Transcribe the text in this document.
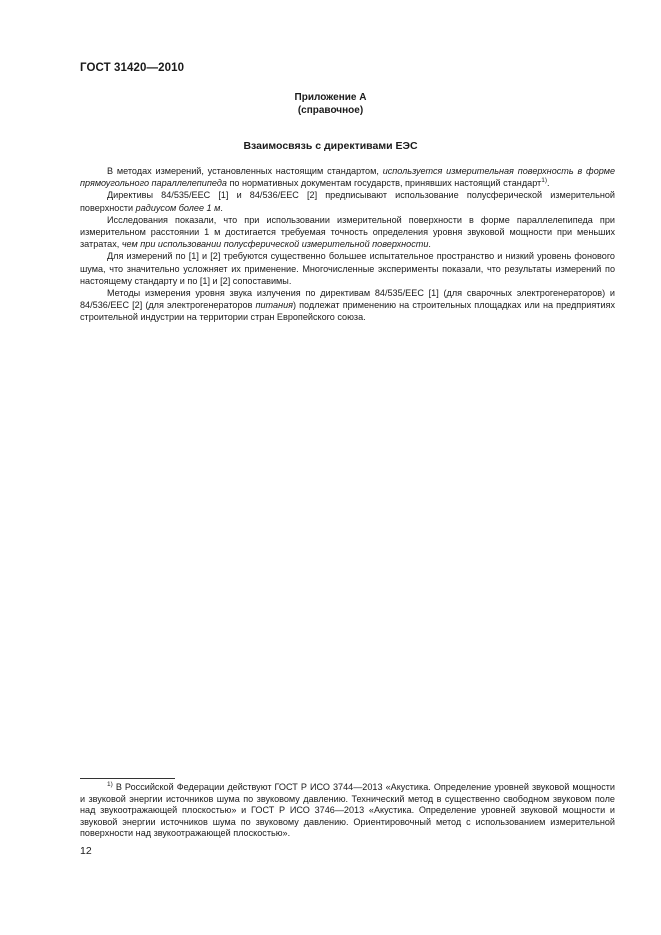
ГОСТ 31420—2010
Приложение А
(справочное)
Взаимосвязь с директивами ЕЭС

В методах измерений, установленных настоящим стандартом, используется измерительная поверхность в форме прямоугольного параллелепипеда по нормативных документам государств, принявших настоящий стандарт$^{1)}$.

Директивы 84/535/ЕЕС [1] и 84/536/ЕЕС [2] предписывают использование полусферической измерительной поверхности радиусом более 1 м.

Исследования показали, что при использовании измерительной поверхности в форме параллелепипеда при измерительном расстоянии 1 м достигается требуемая точность определения уровня звуковой мощности при меньших затратах, чем при использовании полусферической измерительной поверхности.

Для измерений по [1] и [2] требуются существенно большее испытательное пространство и низкий уровень фонового шума, что значительно усложняет их применение. Многочисленные эксперименты показали, что результаты измерений по настоящему стандарту и по [1] и [2] сопоставимы.

Методы измерения уровня звука излучения по директивам 84/535/ЕЕС [1] (для сварочных электрогенераторов) и 84/536/ЕЕС [2] (для электрогенераторов питания) подлежат применению на строительных площадках или на предприятиях строительной индустрии на территории стран Европейского союза.

$^{1)}$ В Российской Федерации действуют ГОСТ Р ИСО 3744—2013 «Акустика. Определение уровней звуковой мощности и звуковой энергии источников шума по звуковому давлению. Технический метод в существенно свободном звуковом поле над звукоотражающей плоскостью» и ГОСТ Р ИСО 3746—2013 «Акустика. Определение уровней звуковой мощности и звуковой энергии источников шума по звуковому давлению. Ориентировочный метод с использованием измерительной поверхности над звукоотражающей плоскостью».
12
